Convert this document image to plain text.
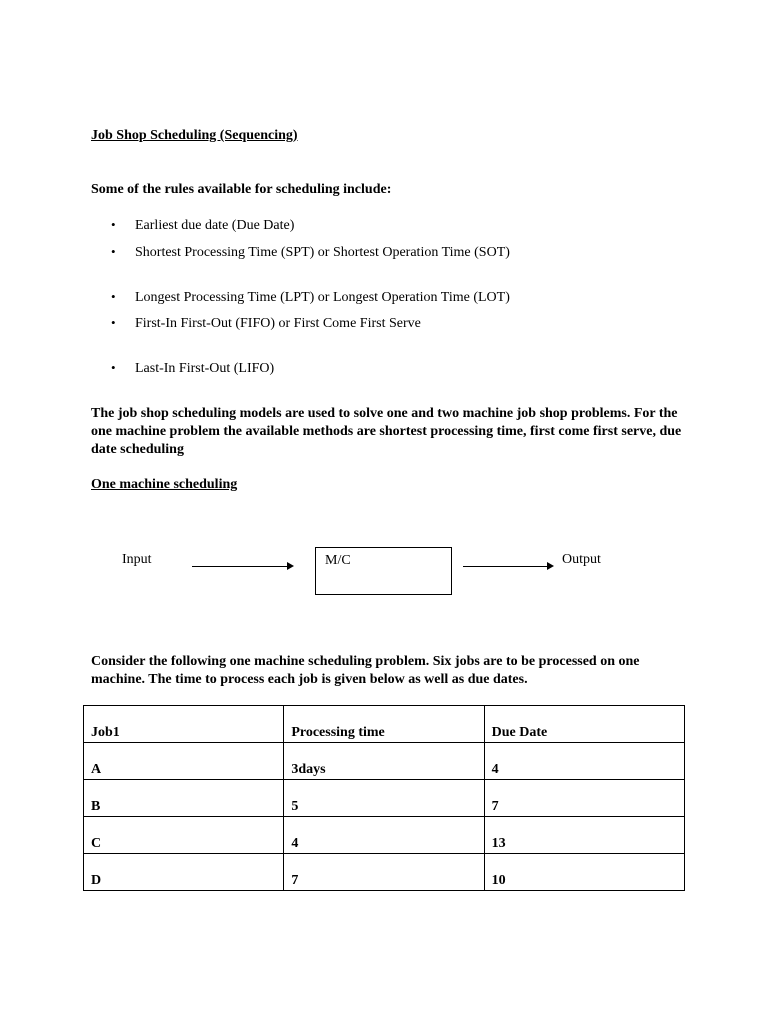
Job Shop Scheduling (Sequencing)
Some of the rules available for scheduling include:
• Earliest due date (Due Date)
• Shortest Processing Time (SPT) or Shortest Operation Time (SOT)
• Longest Processing Time (LPT) or Longest Operation Time (LOT)
• First-In First-Out (FIFO) or First Come First Serve
• Last-In First-Out (LIFO)
The job shop scheduling models are used to solve one and two machine job shop problems. For the one machine problem the available methods are shortest processing time, first come first serve, due date scheduling
One machine scheduling
Input	M/C	Output
Consider the following one machine scheduling problem. Six jobs are to be processed on one machine. The time to process each job is given below as well as due dates.
Job1	Processing time	Due Date
A	3days	4
B	5	7
C	4	13
D	7	10
